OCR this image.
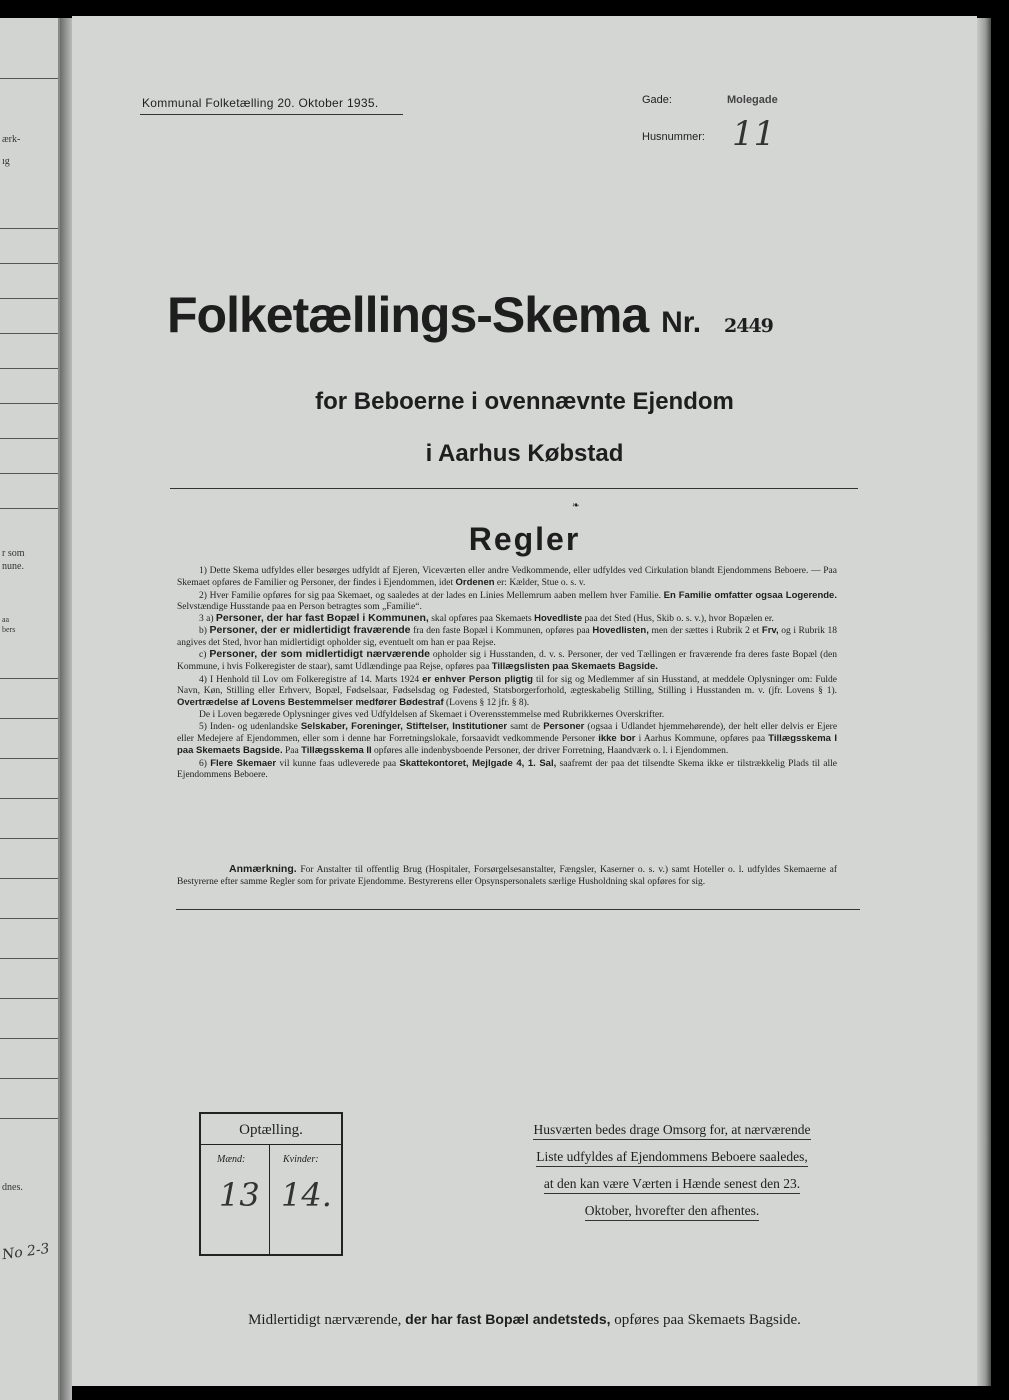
ærk-
ıg
r som
nune.
aa
bers
dnes.
No 2-3
Kommunal Folketælling 20. Oktober 1935.	Gade:	Molegade
Husnummer: 11
Folketællings-Skema Nr. 2449
for Beboerne i ovennævnte Ejendom
i Aarhus Købstad
❧
Regler

1) Dette Skema udfyldes eller besørges udfyldt af Ejeren, Viceværten eller andre Vedkommende, eller udfyldes ved Cirkulation blandt Ejendommens Beboere. — Paa Skemaet opføres de Familier og Personer, der findes i Ejendommen, idet Ordenen er: Kælder, Stue o. s. v.

2) Hver Familie opføres for sig paa Skemaet, og saaledes at der lades en Linies Mellemrum aaben mellem hver Familie. En Familie omfatter ogsaa Logerende. Selvstændige Husstande paa en Person betragtes som „Familie“.

3 a) Personer, der har fast Bopæl i Kommunen, skal opføres paa Skemaets Hovedliste paa det Sted (Hus, Skib o. s. v.), hvor Bopælen er.

b) Personer, der er midlertidigt fraværende fra den faste Bopæl i Kommunen, opføres paa Hovedlisten, men der sættes i Rubrik 2 et Frv, og i Rubrik 18 angives det Sted, hvor han midlertidigt opholder sig, eventuelt om han er paa Rejse.

c) Personer, der som midlertidigt nærværende opholder sig i Husstanden, d. v. s. Personer, der ved Tællingen er fraværende fra deres faste Bopæl (den Kommune, i hvis Folkeregister de staar), samt Udlændinge paa Rejse, opføres paa Tillægslisten paa Skemaets Bagside.

4) I Henhold til Lov om Folkeregistre af 14. Marts 1924 er enhver Person pligtig til for sig og Medlemmer af sin Husstand, at meddele Oplysninger om: Fulde Navn, Køn, Stilling eller Erhverv, Bopæl, Fødselsaar, Fødselsdag og Fødested, Statsborgerforhold, ægteskabelig Stilling, Stilling i Husstanden m. v. (jfr. Lovens § 1). Overtrædelse af Lovens Bestemmelser medfører Bødestraf (Lovens § 12 jfr. § 8).

De i Loven begærede Oplysninger gives ved Udfyldelsen af Skemaet i Overensstemmelse med Rubrikkernes Overskrifter.

5) Inden- og udenlandske Selskaber, Foreninger, Stiftelser, Institutioner samt de Personer (ogsaa i Udlandet hjemmehørende), der helt eller delvis er Ejere eller Medejere af Ejendommen, eller som i denne har Forretningslokale, forsaavidt vedkommende Personer ikke bor i Aarhus Kommune, opføres paa Tillægsskema I paa Skemaets Bagside. Paa Tillægsskema II opføres alle indenbysboende Personer, der driver Forretning, Haandværk o. l. i Ejendommen.

6) Flere Skemaer vil kunne faas udleverede paa Skattekontoret, Mejlgade 4, 1. Sal, saafremt der paa det tilsendte Skema ikke er tilstrækkelig Plads til alle Ejendommens Beboere.

Anmærkning. For Anstalter til offentlig Brug (Hospitaler, Forsørgelsesanstalter, Fængsler, Kaserner o. s. v.) samt Hoteller o. l. udfyldes Skemaerne af Bestyrerne efter samme Regler som for private Ejendomme. Bestyrerens eller Opsynspersonalets særlige Husholdning skal opføres for sig.

Optælling.
Mænd:	Kvinder:
13 14.
Husværten bedes drage Omsorg for, at nærværende
Liste udfyldes af Ejendommens Beboere saaledes,
at den kan være Værten i Hænde senest den 23.
Oktober, hvorefter den afhentes.
Midlertidigt nærværende, der har fast Bopæl andetsteds, opføres paa Skemaets Bagside.
